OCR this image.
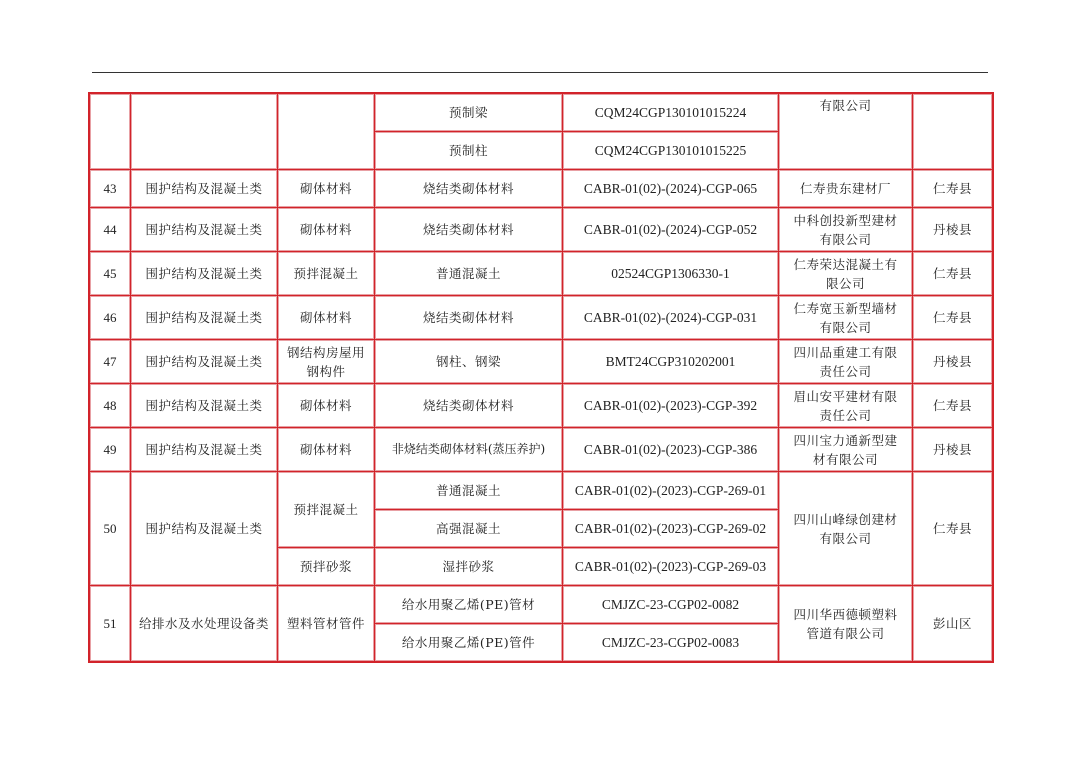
			预制梁	CQM24CGP130101015224	有限公司	
			预制柱	CQM24CGP130101015225		
43	围护结构及混凝土类	砌体材料	烧结类砌体材料	CABR-01(02)-(2024)-CGP-065	仁寿贵东建材厂	仁寿县
44	围护结构及混凝土类	砌体材料	烧结类砌体材料	CABR-01(02)-(2024)-CGP-052	中科创投新型建材有限公司	丹棱县
45	围护结构及混凝土类	预拌混凝土	普通混凝土	02524CGP1306330-1	仁寿荣达混凝土有限公司	仁寿县
46	围护结构及混凝土类	砌体材料	烧结类砌体材料	CABR-01(02)-(2024)-CGP-031	仁寿宽玉新型墙材有限公司	仁寿县
47	围护结构及混凝土类	钢结构房屋用钢构件	钢柱、钢梁	BMT24CGP310202001	四川品重建工有限责任公司	丹棱县
48	围护结构及混凝土类	砌体材料	烧结类砌体材料	CABR-01(02)-(2023)-CGP-392	眉山安平建材有限责任公司	仁寿县
49	围护结构及混凝土类	砌体材料	非烧结类砌体材料(蒸压养护)	CABR-01(02)-(2023)-CGP-386	四川宝力通新型建材有限公司	丹棱县
50	围护结构及混凝土类	预拌混凝土	普通混凝土	CABR-01(02)-(2023)-CGP-269-01	四川山峰绿创建材有限公司	仁寿县
			高强混凝土	CABR-01(02)-(2023)-CGP-269-02		
		预拌砂浆	湿拌砂浆	CABR-01(02)-(2023)-CGP-269-03		
51	给排水及水处理设备类	塑料管材管件	给水用聚乙烯(PE)管材	CMJZC-23-CGP02-0082	四川华西德顿塑料管道有限公司	彭山区
			给水用聚乙烯(PE)管件	CMJZC-23-CGP02-0083		
